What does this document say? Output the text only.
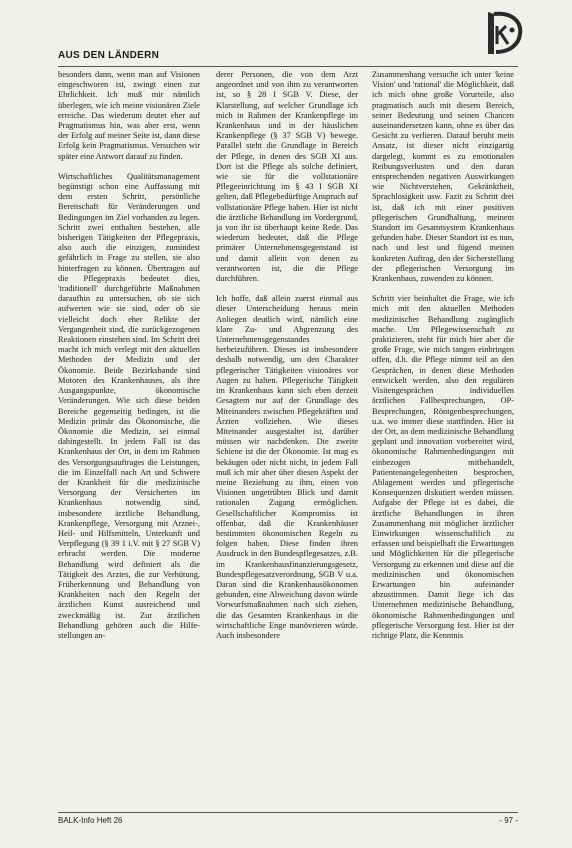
AUS DEN LÄNDERN

besonders dann, wenn man auf Visionen eingeschworen ist, zwingt einen zur Ehrlichkeit. Ich muß mir nämlich überlegen, wie ich meine visionären Ziele erreiche. Das wiederum deutet eher auf Pragmatismus hin, was aber erst, wenn der Erfolg auf meiner Seite ist, dann diese Erfolg kein Pragmatismus. Versuchen wir später eine Antwort darauf zu finden.

Wirtschaftliches Qualitätsmanagement begünstigt schon eine Auffassung mit dem ersten Schritt, persönliche Bereitschaft für Veränderungen und Bedingungen im Ziel vorhanden zu legen. Schritt zwei enthalten bestehen, alle bisherigen Tätigkeiten der Pflegepraxis, also auch die einzigen, zumindest gefährlich in Frage zu stellen, sie also hinterfragen zu können. Übertragen auf die Pflegepraxis bedeutet dies, 'traditionell' durchgeführte Maßnahmen daraufhin zu untersuchen, ob sie sich aufwerten wie sie sind, oder ob sie vielleicht doch eher Relikte der Vergangenheit sind, die zurückgezogenen Reaktionen einstehen sind. Im Schritt drei macht ich mich verlegt mit den aktuellen Methoden der Medizin und der Ökonomie. Beide Bezirksbande sind Motoren des Krankenhauses, als ihre Ausgangspunkte, ökonomische Veränderungen. Wie sich diese beiden Bereiche gegenseitig bedingen, ist die Medizin primär das Ökonomische, die Ökonomie die Medizin, sei einmal dahingestellt. In jedem Fall ist das Krankenhaus der Ort, in dem im Rahmen des Versorgungsauftrages die Leistungen, die im Einzelfall nach Art und Schwere der Krankheit für die medizinische Versorgung der Versicherten im Krankenhaus notwendig sind, insbesondere ärztliche Behandlung, Krankenpflege, Versorgung mit Arznei-, Heil- und Hilfsmitteln, Unterkunft und Verpflegung (§ 39 1 i.V. mit § 27 SGB V) erbracht werden. Die moderne Behandlung wird definiert als die Tätigkeit des Arztes, die zur Verhütung, Früherkennung und Behandlung von Krankheiten nach den Regeln der ärztlichen Kunst ausreichend und zweckmäßig ist. Zur ärztlichen Behandlung gehören auch die Hilfe-stellungen an-

derer Personen, die von dem Arzt angeordnet und von ihm zu verantworten ist, so § 28 I SGB V. Diese, der Klarstellung, auf welcher Grundlage ich mich in Rahmen der Krankenpflege im Krankenhaus und in der häuslichen Krankenpflege (§ 37 SGB V) bewege. Parallel steht die Grundlage in Bereich der Pflege, in denen des SGB XI aus. Dort ist die Pflege als solche definiert, wie sie für die vollstationäre Pflegeeinrichtung im § 43 I SGB XI gelten, daß Pflegebedürftige Anspruch auf vollstationäre Pflege haben. Hier ist nicht die ärztliche Behandlung im Vordergrund, ja von ihr ist überhaupt keine Rede. Das wiederum bedeutet, daß die Pflege primärer Unternehmensgegenstand ist und damit allein von denen zu verantworten ist, die die Pflege durchführen.

Ich hoffe, daß allein zuerst einmal aus dieser Unterscheidung heraus mein Anliegen deutlich wird, nämlich eine klare Zu- und Abgrenzung des Unternehmensgegenstandes herbeizuführen. Dieses ist insbesondere deshalb notwendig, um den Charakter pflegerischer Tätigkeiten visionäres vor Augen zu halten. Pflegerische Tätigkeit im Krankenhaus kann sich eben derzeit Gesagtem nur auf der Grundlage des Miteinanders zwischen Pflegekräften und Ärzten vollziehen. Wie dieses Miteinander ausgestaltet ist, darüber müssen wir nachdenken. Die zweite Schiene ist die der Ökonomie. Ist mag es bekäugen oder nicht nicht, in jedem Fall muß ich mir aber über diesen Aspekt der meine Beziehung zu ihm, einen von Visionen ungetrübten Blick und damit rationalen Zugang ermöglichen. Gesellschaftlicher Kompromiss ist offenbar, daß die Krankenhäuser bestimmten ökonomischen Regeln zu folgen haben. Diese finden ihren Ausdruck in den Bundespflegesatzes, z.B. im Krankenhausfinanzierungsgesetz, Bundespflegesatzverordnung, SGB V u.a. Daran sind die Krankenhausökonomen gebunden, eine Abweichung davon würde Vorwurfsmaßnahmen nach sich ziehen, die das Gesamten Krankenhaus in die wirtschaftliche Enge manövrieren würde. Auch insbesondere

Zusammenhang versuche ich unter 'keine Vision' und 'rational' die Möglichkeit, daß ich mich ohne große Vorurteile, also pragmatisch auch mit diesem Bereich, seiner Bedeutung und seinen Chancen auseinandersetzen kann, ohne es über das Gesicht zu verlieren. Darauf beruht mein Ansatz, ist dieser nicht einzigartig dargelegt, kommt es zu emotionalen Reibungsverlusten und den daran entsprechenden negativen Auswirkungen wie Nichtverstehen, Gekränktheit, Sprachlosigkeit usw. Fazit zu Schritt drei ist, daß ich mit einer positiven pflegerischen Grundhaltung, meinem Standort im Gesamtsystem Krankenhaus gefunden habe. Dieser Standort ist es nun, nach und lest und fügend meinen konkreten Auftrag, den der Sicherstellung der pflegerischen Versorgung im Krankenhaus, zuwenden zu können.

Schritt vier beinhaltet die Frage, wie ich mich mit den aktuellen Methoden medizinischer Behandlung zugänglich mache. Um Pflegewissenschaft zu praktizieren, steht für mich hier aber die große Frage, wie mich tangen einbringen offen, d.h. die Pflege nimmt teil an den Gesprächen, in denen diese Methoden entwickelt werden, also den regulären Visitengesprächen individuellen ärztlichen Fallbesprechungen, OP-Besprechungen, Röntgenbesprechungen, u.a. wo immer diese stattfinden. Hier ist der Ort, an dem medizinische Behandlung geplant und innovation vorbereitet wird, ökonomische Rahmenbedingungen mit einbezogen mitbehandelt, Patientenangelegenheiten besprochen, Ablagement werden und pflegerische Konsequenzen diskutiert werden müssen. Aufgabe der Pflege ist es dabei, die ärztliche Behandlungen in ihren Zusammenhang mit möglicher ärztlicher Einwirkungen wissenschaftlich zu erfassen und beispielhaft die Erwartungen und Möglichkeiten für die pflegerische Versorgung zu erkennen und diese auf die medizinischen und ökonomischen Erwartungen hin aufeinander abzustimmen. Damit liege ich das Unternehmen medizinische Behandlung, ökonomische Rahmenbedingungen und pflegerische Versorgung fest. Hier ist der richtige Platz, die Kenntnis

BALK-Info Heft 26	- 97 -
